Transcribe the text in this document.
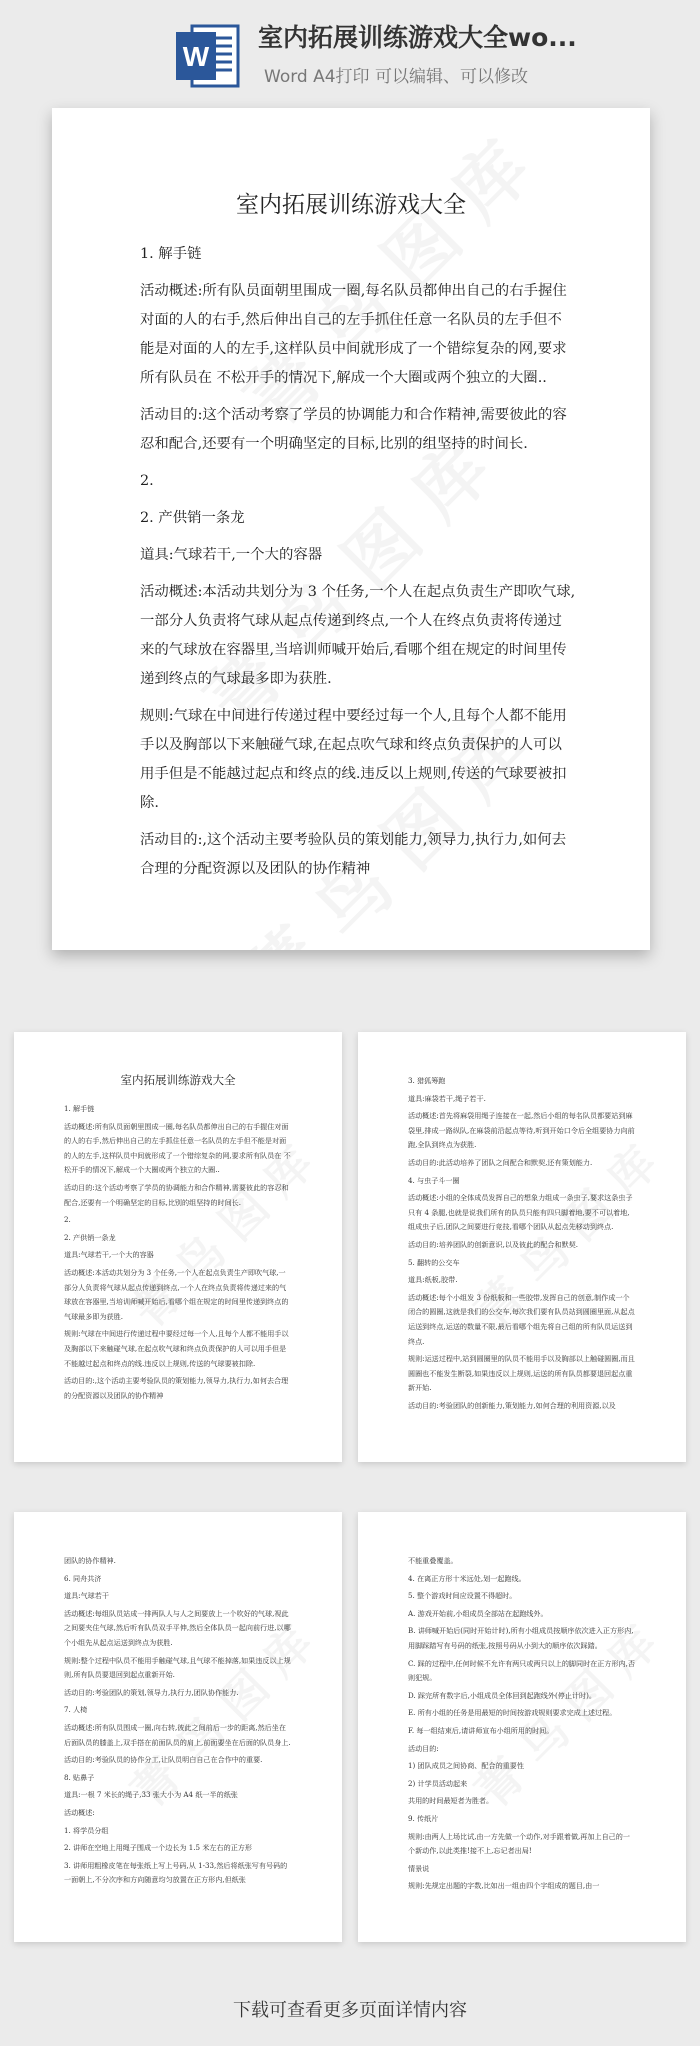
W
室内拓展训练游戏大全wo...
Word A4打印 可以编辑、可以修改
室内拓展训练游戏大全

1. 解手链

活动概述:所有队员面朝里围成一圈,每名队员都伸出自己的右手握住对面的人的右手,然后伸出自己的左手抓住任意一名队员的左手但不能是对面的人的左手,这样队员中间就形成了一个错综复杂的网,要求所有队员在 不松开手的情况下,解成一个大圈或两个独立的大圈..

活动目的:这个活动考察了学员的协调能力和合作精神,需要彼此的容忍和配合,还要有一个明确坚定的目标,比别的组坚持的时间长.

2.

2. 产供销一条龙

道具:气球若干,一个大的容器

活动概述:本活动共划分为 3 个任务,一个人在起点负责生产即吹气球,一部分人负责将气球从起点传递到终点,一个人在终点负责将传递过来的气球放在容器里,当培训师喊开始后,看哪个组在规定的时间里传递到终点的气球最多即为获胜.

规则:气球在中间进行传递过程中要经过每一个人,且每个人都不能用手以及胸部以下来触碰气球,在起点吹气球和终点负责保护的人可以用手但是不能越过起点和终点的线.违反以上规则,传送的气球要被扣除.

活动目的:,这个活动主要考验队员的策划能力,领导力,执行力,如何去合理的分配资源以及团队的协作精神

室内拓展训练游戏大全

1. 解手链

活动概述:所有队员面朝里围成一圈,每名队员都伸出自己的右手握住对面的人的右手,然后伸出自己的左手抓住任意一名队员的左手但不能是对面的人的左手,这样队员中间就形成了一个错综复杂的网,要求所有队员在 不松开手的情况下,解成一个大圈或两个独立的大圈..

活动目的:这个活动考察了学员的协调能力和合作精神,需要彼此的容忍和配合,还要有一个明确坚定的目标,比别的组坚持的时间长.

2.

2. 产供销一条龙

道具:气球若干,一个大的容器

活动概述:本活动共划分为 3 个任务,一个人在起点负责生产即吹气球,一部分人负责将气球从起点传递到终点,一个人在终点负责将传递过来的气球放在容器里,当培训师喊开始后,看哪个组在规定的时间里传递到终点的气球最多即为获胜.

规则:气球在中间进行传递过程中要经过每一个人,且每个人都不能用手以及胸部以下来触碰气球,在起点吹气球和终点负责保护的人可以用手但是不能越过起点和终点的线.违反以上规则,传送的气球要被扣除.

活动目的:,这个活动主要考验队员的策划能力,领导力,执行力,如何去合理的分配资源以及团队的协作精神

3. 猎狐筹跑

道具:麻袋若干,绳子若干.

活动概述:首先将麻袋用绳子连接在一起,然后小组的每名队员都要站到麻袋里,排成一路纵队,在麻袋前沿起点等待,听到开始口令后全组要协力向前跑,全队到终点为获胜.

活动目的:此活动培养了团队之间配合和默契,还有策划能力.

4. 与虫子斗一圈

活动概述:小组的全体成员发挥自己的想象力组成一条虫子,要求这条虫子只有 4 条腿,也就是说我们所有的队员只能有四只脚着地,要不可以着地,组成虫子后,团队之间要进行竞技,看哪个团队从起点先移动到终点.

活动目的:培养团队的创新意识,以及彼此的配合和默契.

5. 翻转的公交车

道具:纸板,胶带.

活动概述:每个小组发 3 份纸板和一些胶带,发挥自己的创意,制作成一个闭合的圆圈,这就是我们的公交车,每次我们要有队员站到圆圈里面,从起点运送到终点,运送的数量不限,最后看哪个组先将自己组的所有队员运送到终点.

规则:运送过程中,站到圆圈里的队员不能用手以及胸部以上触碰圆圈,而且圆圈也不能发生断裂,如果违反以上规则,运送的所有队员都要退回起点重新开始.

活动目的:考验团队的创新能力,策划能力,如何合理的利用资源,以及

团队的协作精神.

6. 同舟共济

道具:气球若干

活动概述:每组队员站成一排两队人与人之间要放上一个吹好的气球,视此之间要夹住气球,然后听有队员双手平伸,然后全体队员一起向前行进,以哪个小组先从起点运送到终点为获胜.

规则:整个过程中队员不能用手触碰气球,且气球不能掉落,如果违反以上规则,所有队员要退回到起点重新开始.

活动目的:考验团队的策划,领导力,执行力,团队协作能力.

7. 人椅

活动概述:所有队员围成一圈,向右转,彼此之间前后一步的距离,然后坐在后面队员的膝盖上,双手搭在前面队员的肩上,前面要坐在后面的队员身上.

活动目的:考验队员的协作分工,让队员明白自己在合作中的重要.

8. 贴鼻子

道具:一根 7 米长的绳子,33 张大小为 A4 纸一半的纸张

活动概述:

1. 将学员分组

2. 讲师在空地上用绳子围成一个边长为 1.5 米左右的正方形

3. 讲师用粗橡皮笔在每张纸上写上号码,从 1-33,然后将纸张写有号码的一面朝上,不分次序和方向随意均匀放置在正方形内,但纸张

不能重叠覆盖。

4. 在离正方形十米远处,划一起跑线。

5. 整个游戏时间应设置不得超时。

A. 游戏开始前,小组成员全部站在起跑线外。

B. 讲师喊开始后(同时开始计时),所有小组成员按顺序依次进入正方形内,用脚踩踏写有号码的纸张,按照号码从小到大的顺序依次踩踏。

C. 踩的过程中,任何时候不允许有两只或两只以上的脚同时在正方形内,否则犯规。

D. 踩完所有数字后,小组成员全体回到起跑线外(停止计时)。

E. 所有小组的任务是用最短的时间按游戏规则要求完成上述过程。

F. 每一组结束后,请讲师宣布小组所用的时间。

活动目的:

1) 团队成员之间协商、配合的重要性

2) 计学员活动起来

共用的时间最短者为胜者。

9. 传纸片

规则:由两人上场比试,由一方先做一个动作,对手跟着做,再加上自己的一个新动作,以此类推!接不上,忘记者出局!

情景说

规则:先规定出题的字数,比如出一组由四个字组成的题目,由一

下载可查看更多页面详情内容
